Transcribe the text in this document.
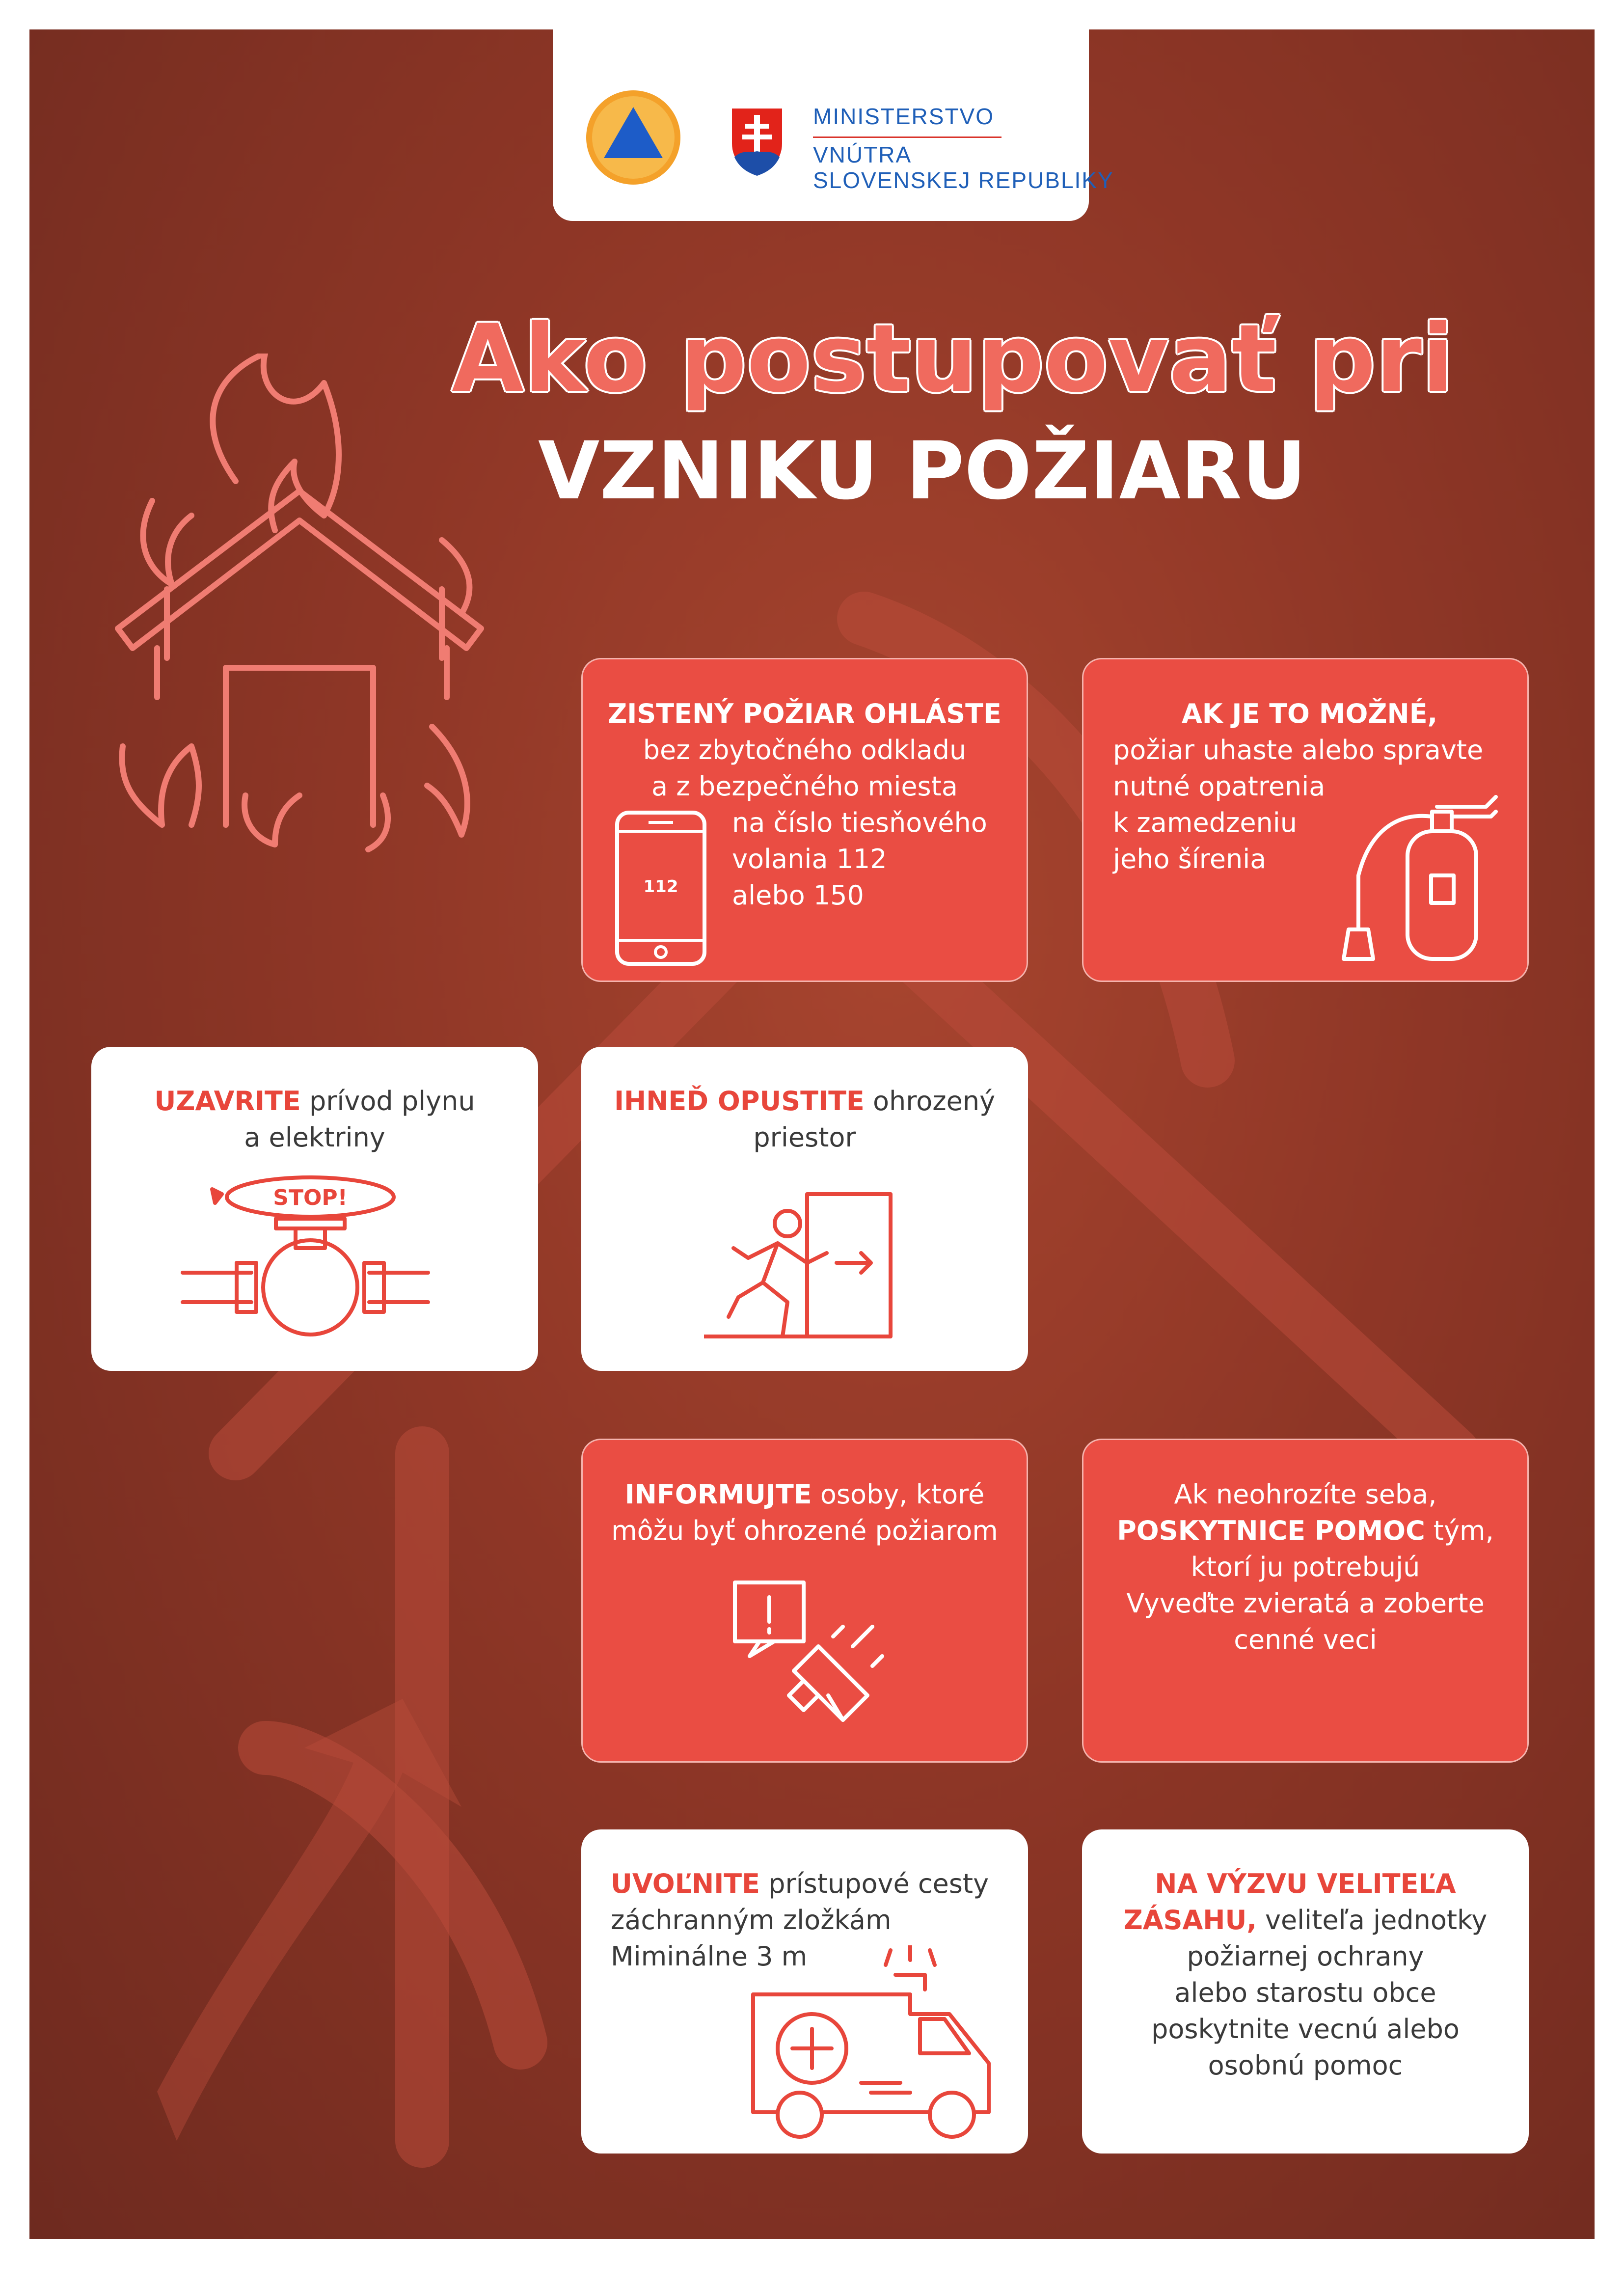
MINISTERSTVO
VNÚTRA
SLOVENSKEJ REPUBLIKY
Ako postupovať pri
VZNIKU POŽIARU
ZISTENÝ POŽIAR OHLÁSTE
bez zbytočného odkladu
a z bezpečného miesta
na číslo tiesňového
volania 112
alebo 150
112
AK JE TO MOŽNÉ,
požiar uhaste alebo spravte
nutné opatrenia
k zamedzeniu
jeho šírenia
UZAVRITE prívod plynu
a elektriny
STOP!
IHNEĎ OPUSTITE ohrozený
priestor
INFORMUJTE osoby, ktoré
môžu byť ohrozené požiarom
Ak neohrozíte seba,
POSKYTNICE POMOC tým,
ktorí ju potrebujú
Vyveďte zvieratá a zoberte
cenné veci
UVOĽNITE prístupové cesty
záchranným zložkám
Miminálne 3 m
NA VÝZVU VELITEĽA
ZÁSAHU, veliteľa jednotky
požiarnej ochrany
alebo starostu obce
poskytnite vecnú alebo
osobnú pomoc
